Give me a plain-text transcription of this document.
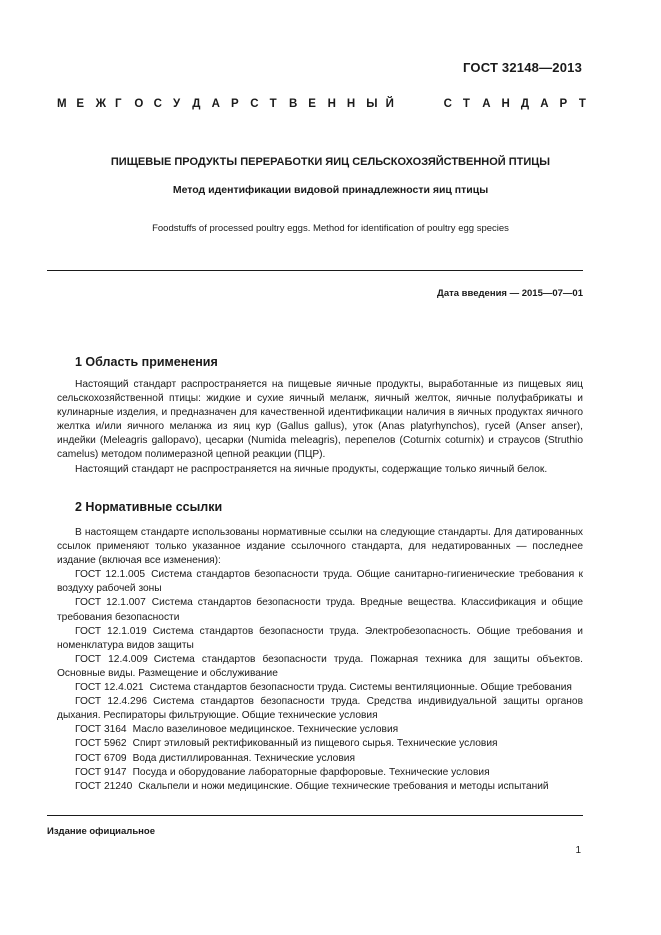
ГОСТ 32148—2013
М Е Ж Г О С У Д А Р С Т В Е Н Н Ы Й	С Т А Н Д А Р Т
ПИЩЕВЫЕ ПРОДУКТЫ ПЕРЕРАБОТКИ ЯИЦ СЕЛЬСКОХОЗЯЙСТВЕННОЙ ПТИЦЫ
Метод идентификации видовой принадлежности яиц птицы
Foodstuffs of processed poultry eggs. Method for identification of poultry egg species
Дата введения — 2015—07—01
1 Область применения

Настоящий стандарт распространяется на пищевые яичные продукты, выработанные из пищевых яиц сельскохозяйственной птицы: жидкие и сухие яичный меланж, яичный желток, яичные полуфабрикаты и кулинарные изделия, и предназначен для качественной идентификации наличия в яичных продуктах яичного желтка и/или яичного меланжа из яиц кур (Gallus gallus), уток (Anas platyrhynchos), гусей (Anser anser), индейки (Meleagris gallopavo), цесарки (Numida meleagris), перепелов (Coturnix coturnix) и страусов (Struthio camelus) методом полимеразной цепной реакции (ПЦР).

Настоящий стандарт не распространяется на яичные продукты, содержащие только яичный белок.

2 Нормативные ссылки

В настоящем стандарте использованы нормативные ссылки на следующие стандарты. Для датированных ссылок применяют только указанное издание ссылочного стандарта, для недатированных — последнее издание (включая все изменения):

ГОСТ 12.1.005 Система стандартов безопасности труда. Общие санитарно-гигиенические требования к воздуху рабочей зоны

ГОСТ 12.1.007 Система стандартов безопасности труда. Вредные вещества. Классификация и общие требования безопасности

ГОСТ 12.1.019 Система стандартов безопасности труда. Электробезопасность. Общие требования и номенклатура видов защиты

ГОСТ 12.4.009 Система стандартов безопасности труда. Пожарная техника для защиты объектов. Основные виды. Размещение и обслуживание

ГОСТ 12.4.021 Система стандартов безопасности труда. Системы вентиляционные. Общие требования

ГОСТ 12.4.296 Система стандартов безопасности труда. Средства индивидуальной защиты органов дыхания. Респираторы фильтрующие. Общие технические условия

ГОСТ 3164 Масло вазелиновое медицинское. Технические условия

ГОСТ 5962 Спирт этиловый ректификованный из пищевого сырья. Технические условия

ГОСТ 6709 Вода дистиллированная. Технические условия

ГОСТ 9147 Посуда и оборудование лабораторные фарфоровые. Технические условия

ГОСТ 21240 Скальпели и ножи медицинские. Общие технические требования и методы испытаний

Издание официальное
1
